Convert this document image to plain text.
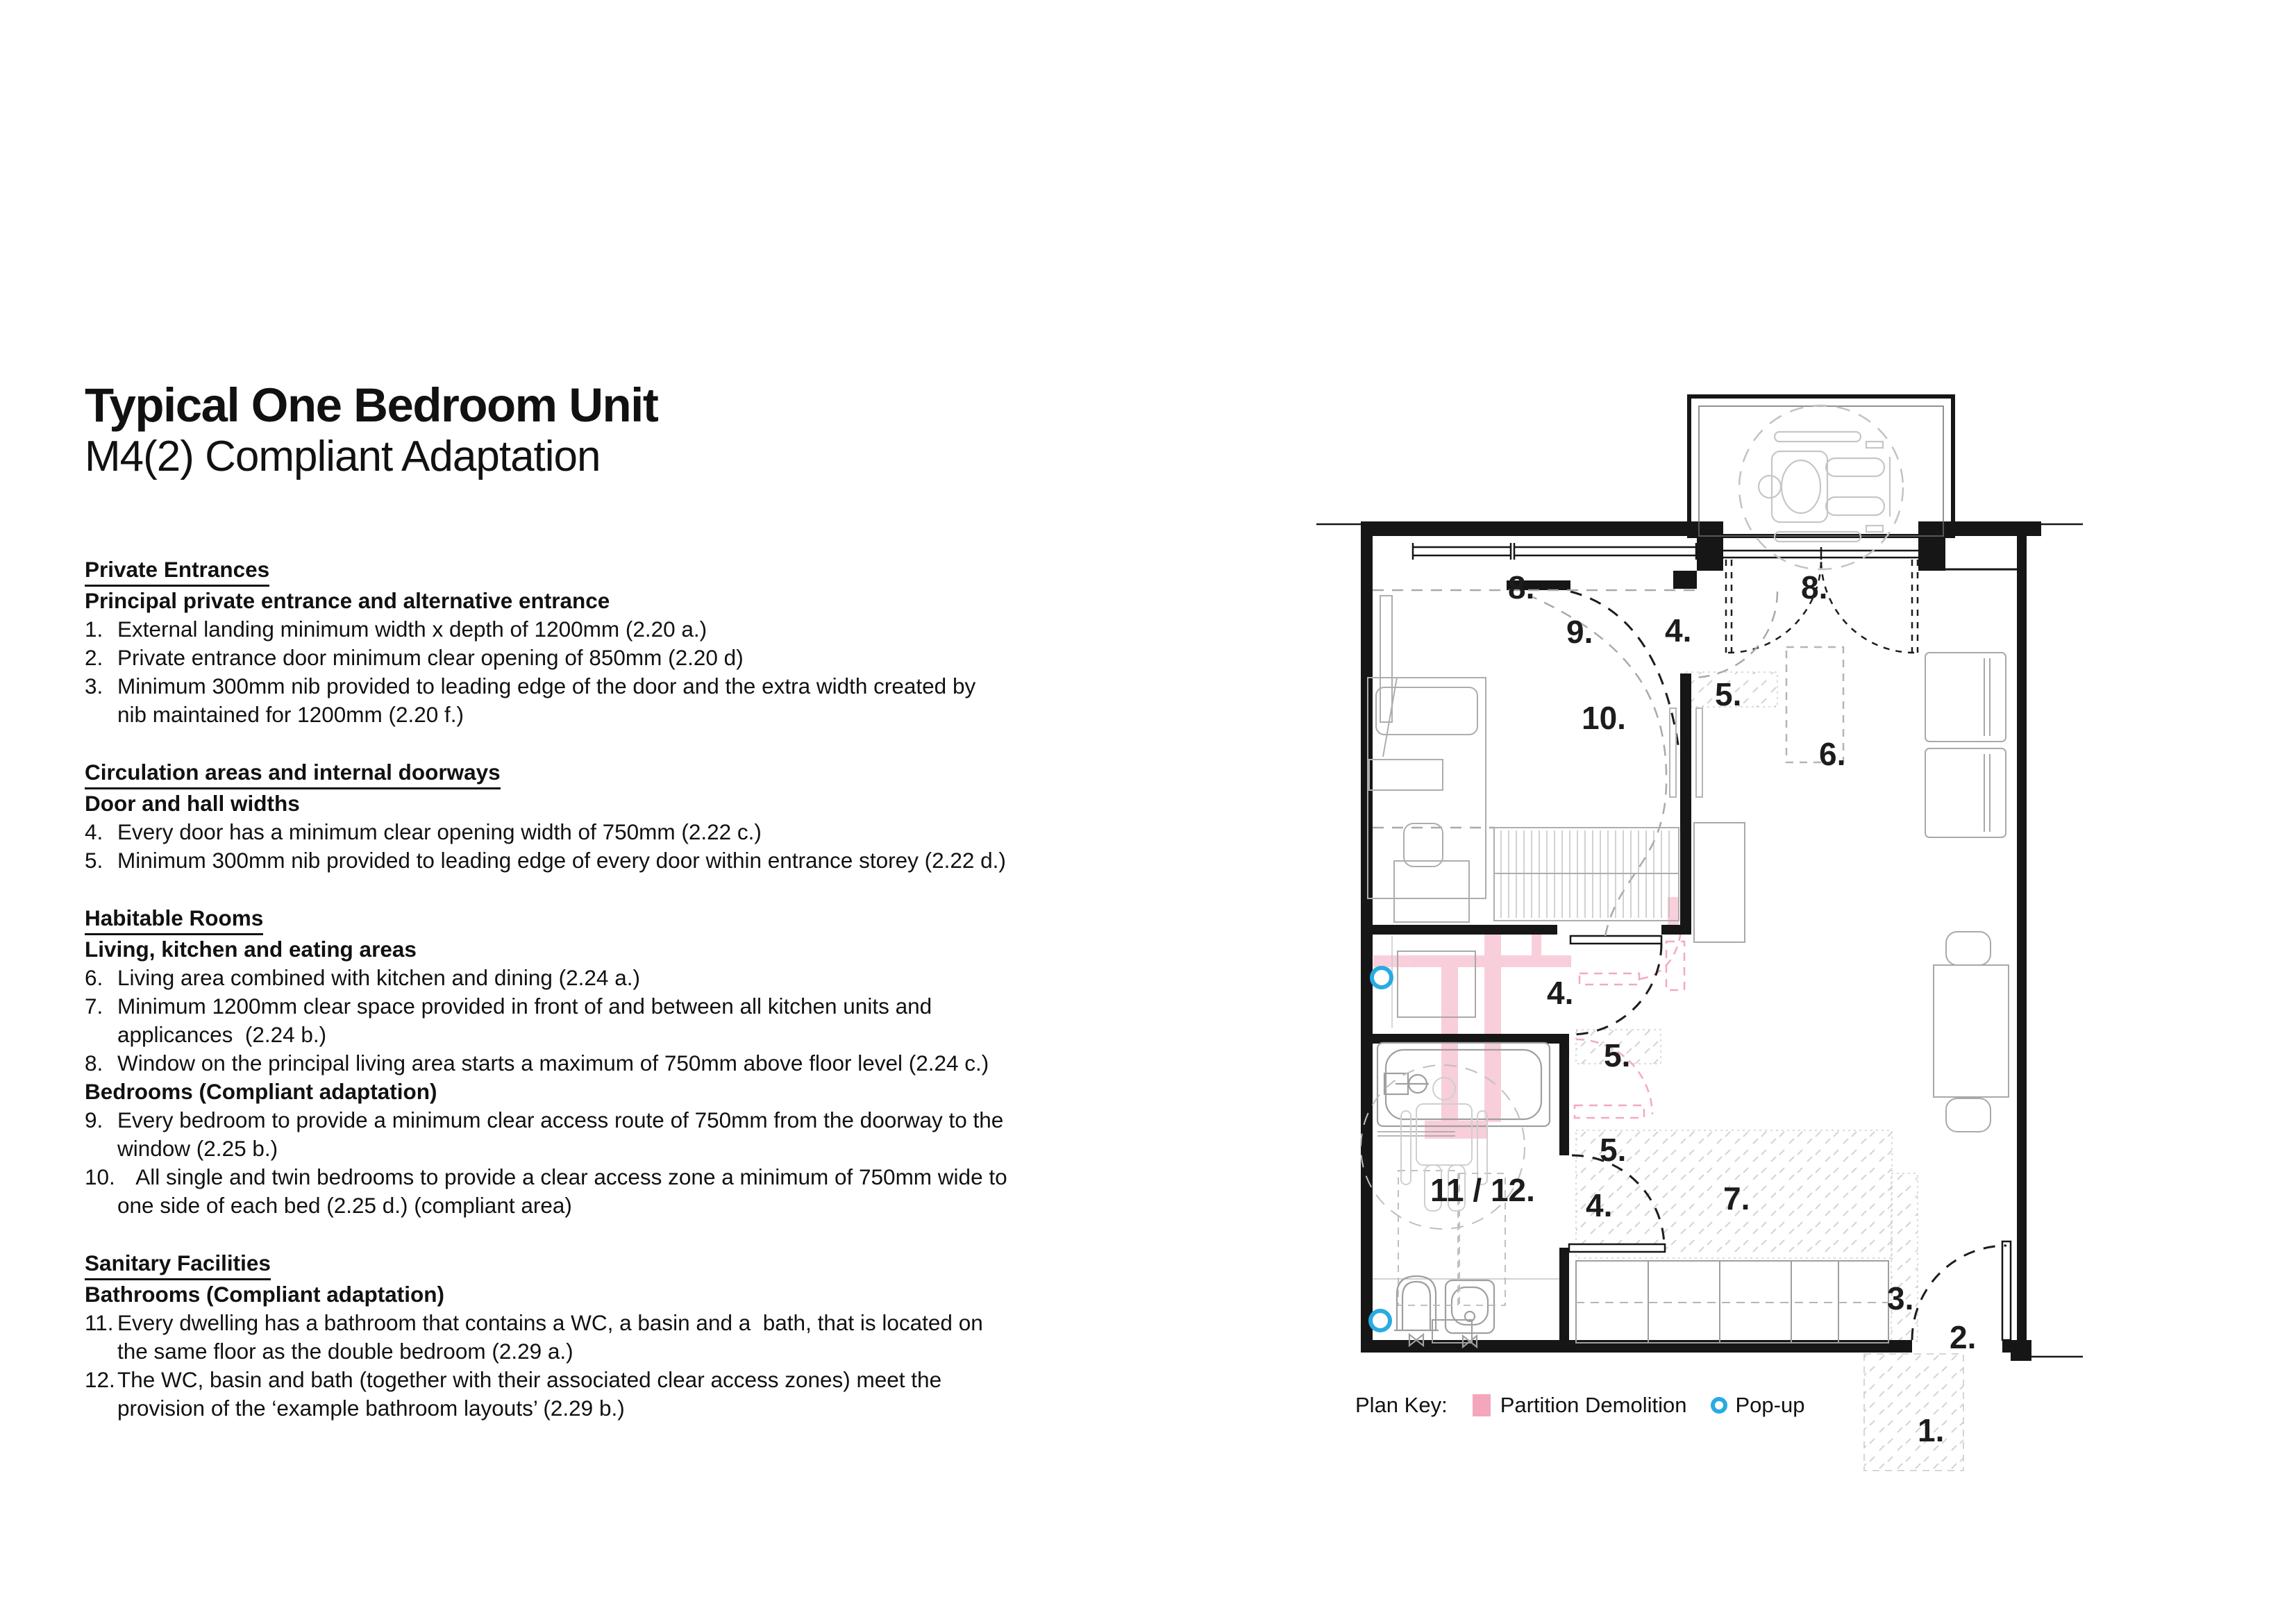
Typical One Bedroom Unit
M4(2) Compliant Adaptation
Private Entrances
Principal private entrance and alternative entrance
1. External landing minimum width x depth of 1200mm (2.20 a.)
2. Private entrance door minimum clear opening of 850mm (2.20 d)
3. Minimum 300mm nib provided to leading edge of the door and the extra width created by nib maintained for 1200mm (2.20 f.)
Circulation areas and internal doorways
Door and hall widths
4. Every door has a minimum clear opening width of 750mm (2.22 c.)
5. Minimum 300mm nib provided to leading edge of every door within entrance storey (2.22 d.)
Habitable Rooms
Living, kitchen and eating areas
6. Living area combined with kitchen and dining (2.24 a.)
7. Minimum 1200mm clear space provided in front of and between all kitchen units and applicances  (2.24 b.)
8. Window on the principal living area starts a maximum of 750mm above floor level (2.24 c.)
Bedrooms (Compliant adaptation)
9. Every bedroom to provide a minimum clear access route of 750mm from the doorway to the window (2.25 b.)
10. All single and twin bedrooms to provide a clear access zone a minimum of 750mm wide to one side of each bed (2.25 d.) (compliant area)
Sanitary Facilities
Bathrooms (Compliant adaptation)
11. Every dwelling has a bathroom that contains a WC, a basin and a  bath, that is located on the same floor as the double bedroom (2.29 a.)
12. The WC, basin and bath (together with their associated clear access zones) meet the provision of the ‘example bathroom layouts’ (2.29 b.)
8.
9. 4.
8.
5.
10.
6.
4.
5.
5.
11 / 12. 4.	7.
3.
2.
1.
Plan Key: Partition Demolition Pop-up
